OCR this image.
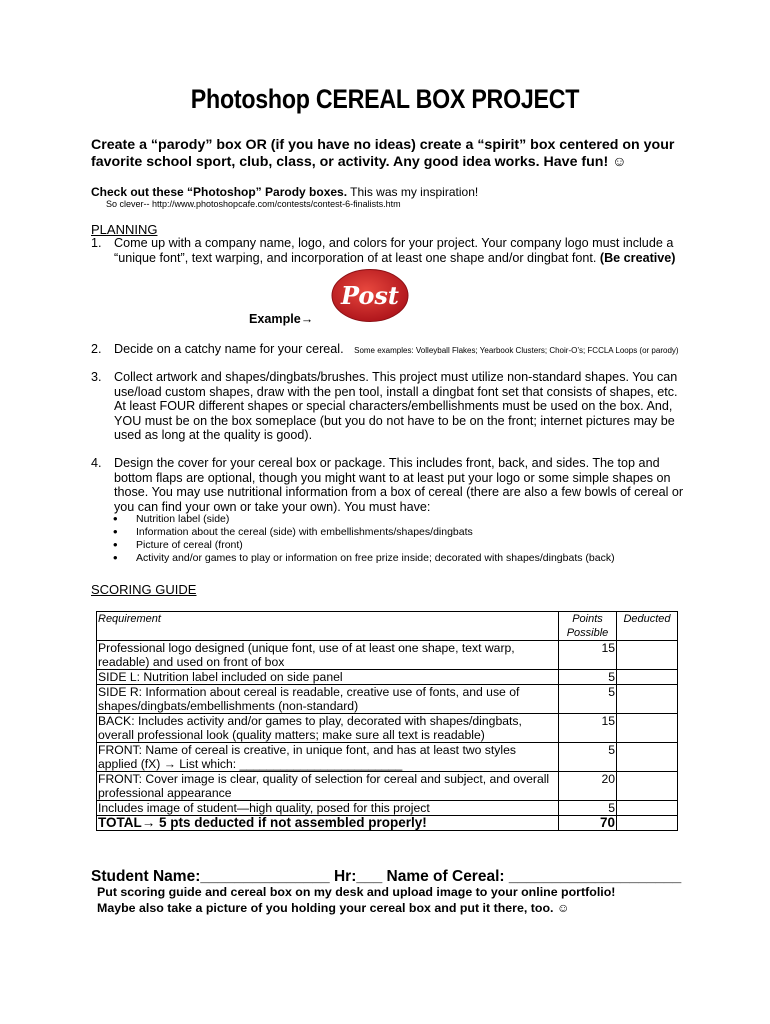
Photoshop CEREAL BOX PROJECT
Create a “parody” box OR (if you have no ideas) create a “spirit” box centered on your favorite school sport, club, class, or activity. Any good idea works. Have fun! ☺
Check out these “Photoshop” Parody boxes. This was my inspiration!
So clever-- http://www.photoshopcafe.com/contests/contest-6-finalists.htm
PLANNING
1. Come up with a company name, logo, and colors for your project. Your company logo must include a “unique font”, text warping, and incorporation of at least one shape and/or dingbat font. (Be creative)
Post
Example→
2. Decide on a catchy name for your cereal. Some examples: Volleyball Flakes; Yearbook Clusters; Choir-O’s; FCCLA Loops (or parody)
3. Collect artwork and shapes/dingbats/brushes. This project must utilize non-standard shapes. You can use/load custom shapes, draw with the pen tool, install a dingbat font set that consists of shapes, etc. At least FOUR different shapes or special characters/embellishments must be used on the box. And, YOU must be on the box someplace (but you do not have to be on the front; internet pictures may be used as long at the quality is good).
4. Design the cover for your cereal box or package. This includes front, back, and sides. The top and bottom flaps are optional, though you might want to at least put your logo or some simple shapes on those. You may use nutritional information from a box of cereal (there are also a few bowls of cereal or you can find your own or take your own). You must have:
• Nutrition label (side)
• Information about the cereal (side) with embellishments/shapes/dingbats
• Picture of cereal (front)
• Activity and/or games to play or information on free prize inside; decorated with shapes/dingbats (back)
SCORING GUIDE
Requirement	Points Possible	Deducted
Professional logo designed (unique font, use of at least one shape, text warp, readable) and used on front of box	15	
SIDE L: Nutrition label included on side panel	5	
SIDE R: Information about cereal is readable, creative use of fonts, and use of shapes/dingbats/embellishments (non-standard)	5	
BACK: Includes activity and/or games to play, decorated with shapes/dingbats, overall professional look (quality matters; make sure all text is readable)	15	
FRONT: Name of cereal is creative, in unique font, and has at least two styles applied (fX) → List which: ________________________	5	
FRONT: Cover image is clear, quality of selection for cereal and subject, and overall professional appearance	20	
Includes image of student—high quality, posed for this project	5	
TOTAL→ 5 pts deducted if not assembled properly!	70	
Student Name:_______________ Hr:___ Name of Cereal: ____________________
Put scoring guide and cereal box on my desk and upload image to your online portfolio!
Maybe also take a picture of you holding your cereal box and put it there, too. ☺
